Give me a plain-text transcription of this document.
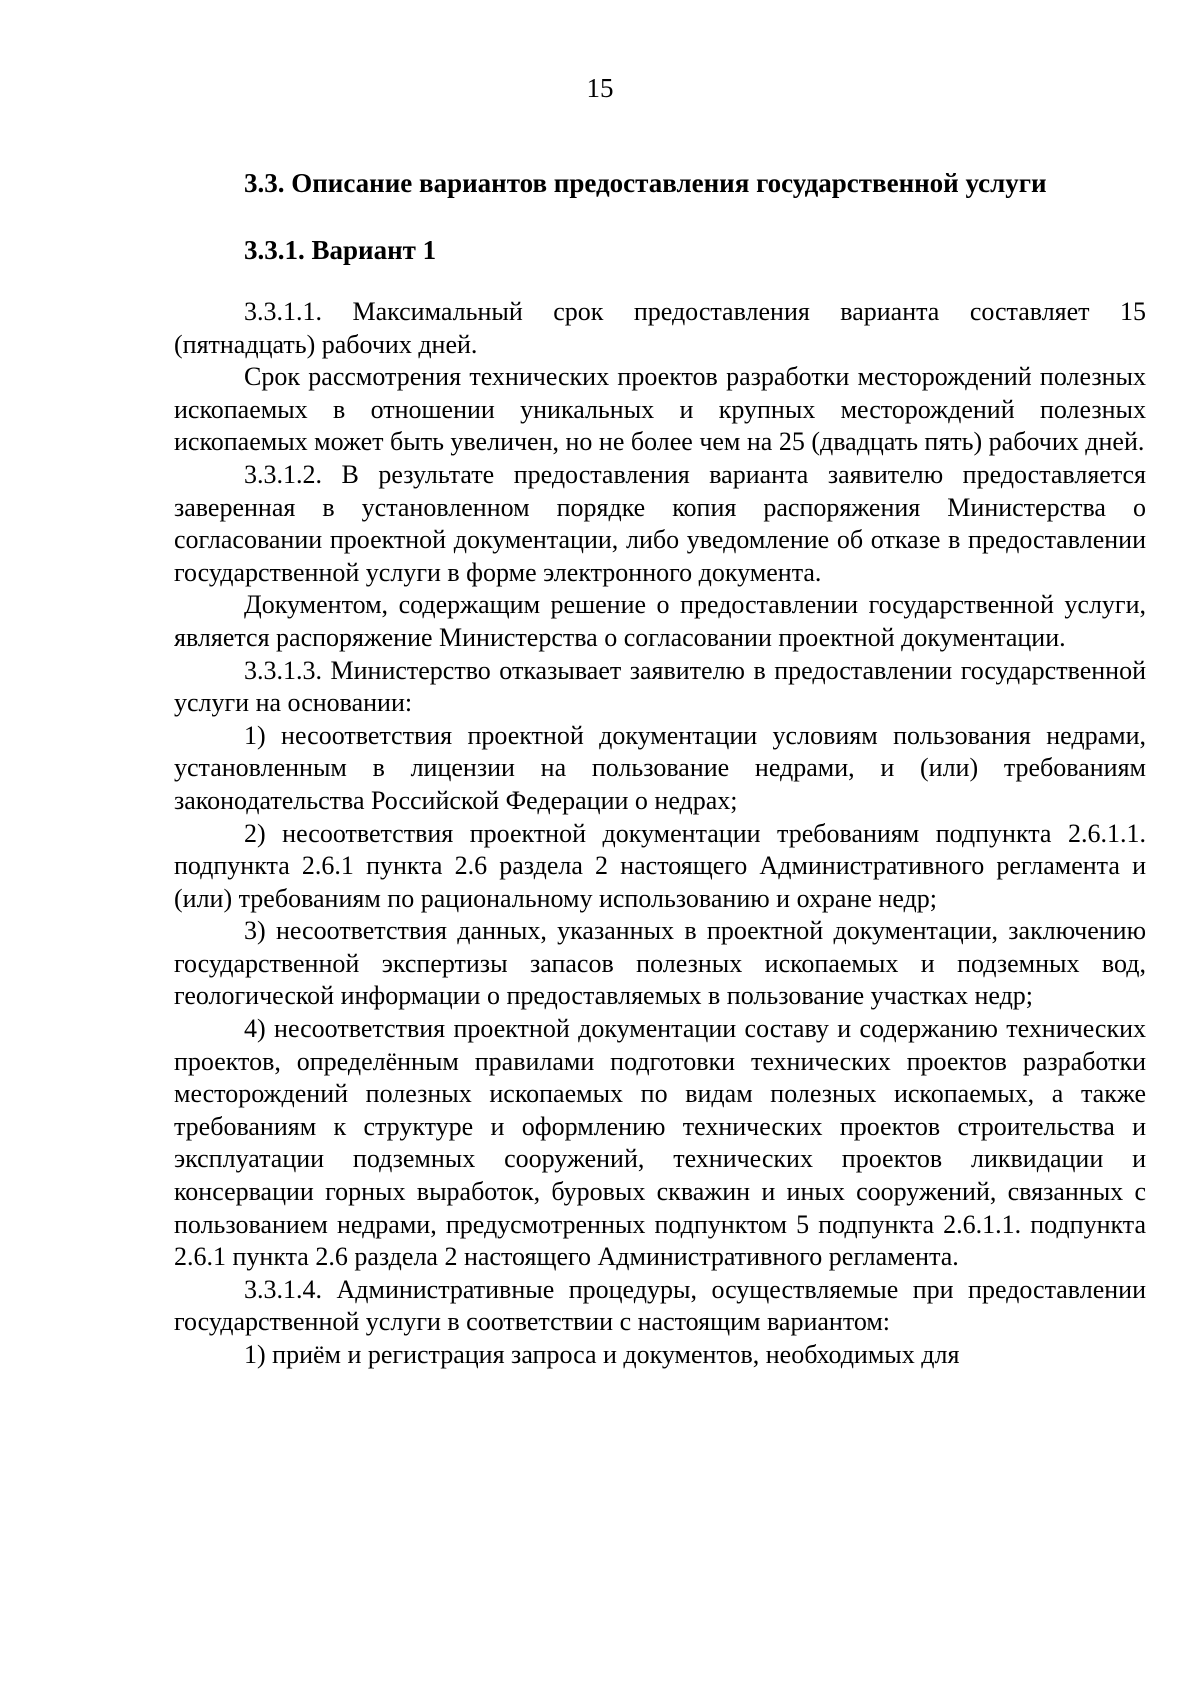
15
3.3. Описание вариантов предоставления государственной услуги
3.3.1. Вариант 1

3.3.1.1. Максимальный срок предоставления варианта составляет 15 (пятнадцать) рабочих дней.

Срок рассмотрения технических проектов разработки месторождений полезных ископаемых в отношении уникальных и крупных месторождений полезных ископаемых может быть увеличен, но не более чем на 25 (двадцать пять) рабочих дней.

3.3.1.2. В результате предоставления варианта заявителю предоставляется заверенная в установленном порядке копия распоряжения Министерства о согласовании проектной документации, либо уведомление об отказе в предоставлении государственной услуги в форме электронного документа.

Документом, содержащим решение о предоставлении государственной услуги, является распоряжение Министерства о согласовании проектной документации.

3.3.1.3. Министерство отказывает заявителю в предоставлении государственной услуги на основании:

1) несоответствия проектной документации условиям пользования недрами, установленным в лицензии на пользование недрами, и (или) требованиям законодательства Российской Федерации о недрах;

2) несоответствия проектной документации требованиям подпункта 2.6.1.1. подпункта 2.6.1 пункта 2.6 раздела 2 настоящего Административного регламента и (или) требованиям по рациональному использованию и охране недр;

3) несоответствия данных, указанных в проектной документации, заключению государственной экспертизы запасов полезных ископаемых и подземных вод, геологической информации о предоставляемых в пользование участках недр;

4) несоответствия проектной документации составу и содержанию технических проектов, определённым правилами подготовки технических проектов разработки месторождений полезных ископаемых по видам полезных ископаемых, а также требованиям к структуре и оформлению технических проектов строительства и эксплуатации подземных сооружений, технических проектов ликвидации и консервации горных выработок, буровых скважин и иных сооружений, связанных с пользованием недрами, предусмотренных подпунктом 5 подпункта 2.6.1.1. подпункта 2.6.1 пункта 2.6 раздела 2 настоящего Административного регламента.

3.3.1.4. Административные процедуры, осуществляемые при предоставлении государственной услуги в соответствии с настоящим вариантом:

1) приём и регистрация запроса и документов, необходимых для
